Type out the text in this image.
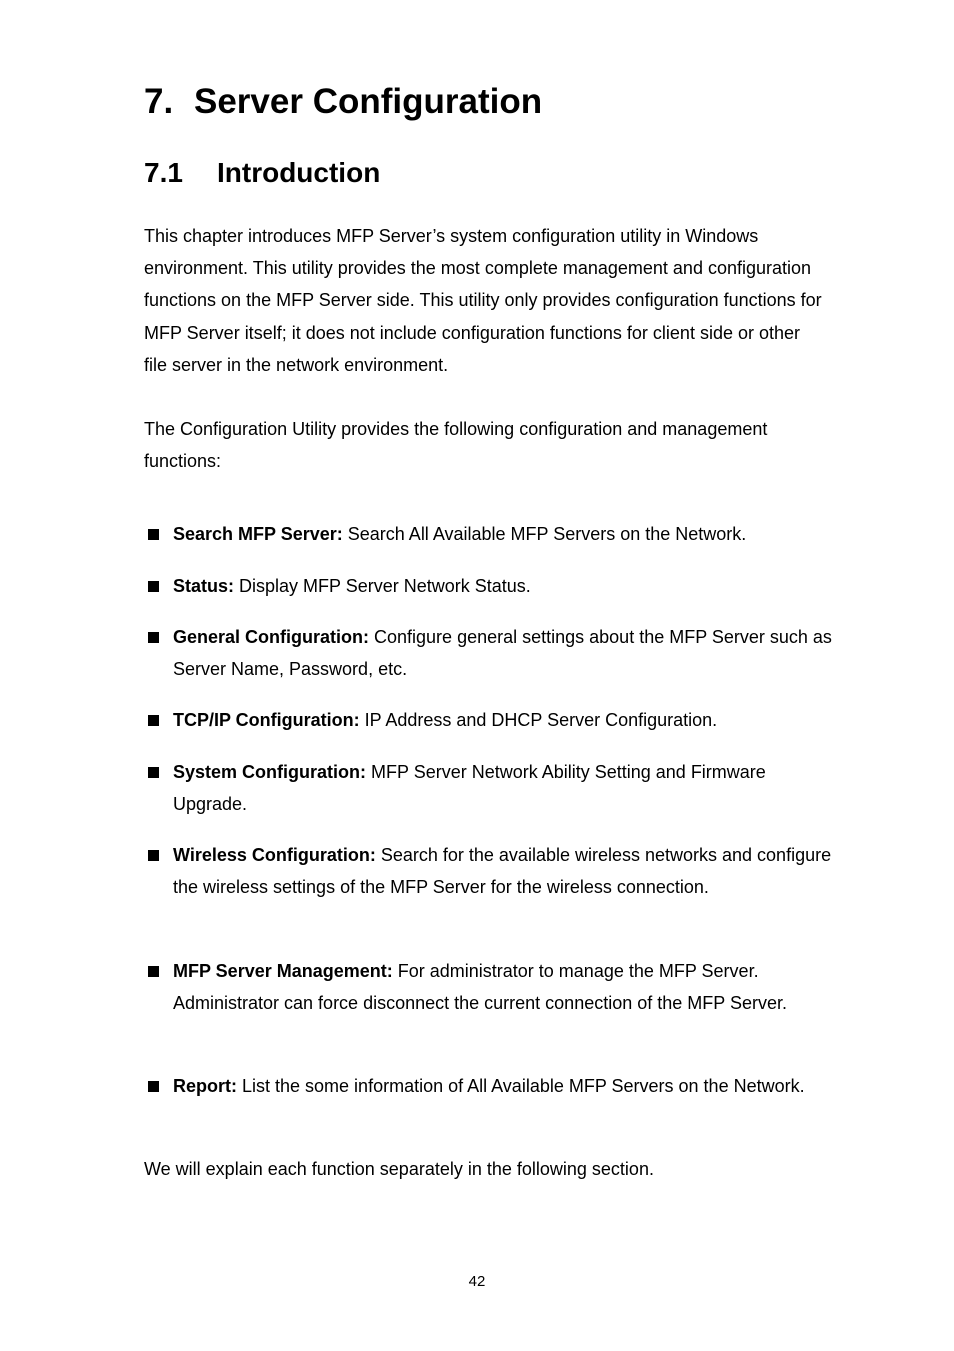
7. Server Configuration
7.1 Introduction

This chapter introduces MFP Server’s system configuration utility in Windows environment. This utility provides the most complete management and configuration functions on the MFP Server side. This utility only provides configuration functions for MFP Server itself; it does not include configuration functions for client side or other file server in the network environment.

The Configuration Utility provides the following configuration and management functions:

Search MFP Server: Search All Available MFP Servers on the Network.
Status: Display MFP Server Network Status.
General Configuration: Configure general settings about the MFP Server such as Server Name, Password, etc.
TCP/IP Configuration: IP Address and DHCP Server Configuration.
System Configuration: MFP Server Network Ability Setting and Firmware Upgrade.
Wireless Configuration: Search for the available wireless networks and configure the wireless settings of the MFP Server for the wireless connection.
MFP Server Management: For administrator to manage the MFP Server. Administrator can force disconnect the current connection of the MFP Server.
Report: List the some information of All Available MFP Servers on the Network.

We will explain each function separately in the following section.

42
